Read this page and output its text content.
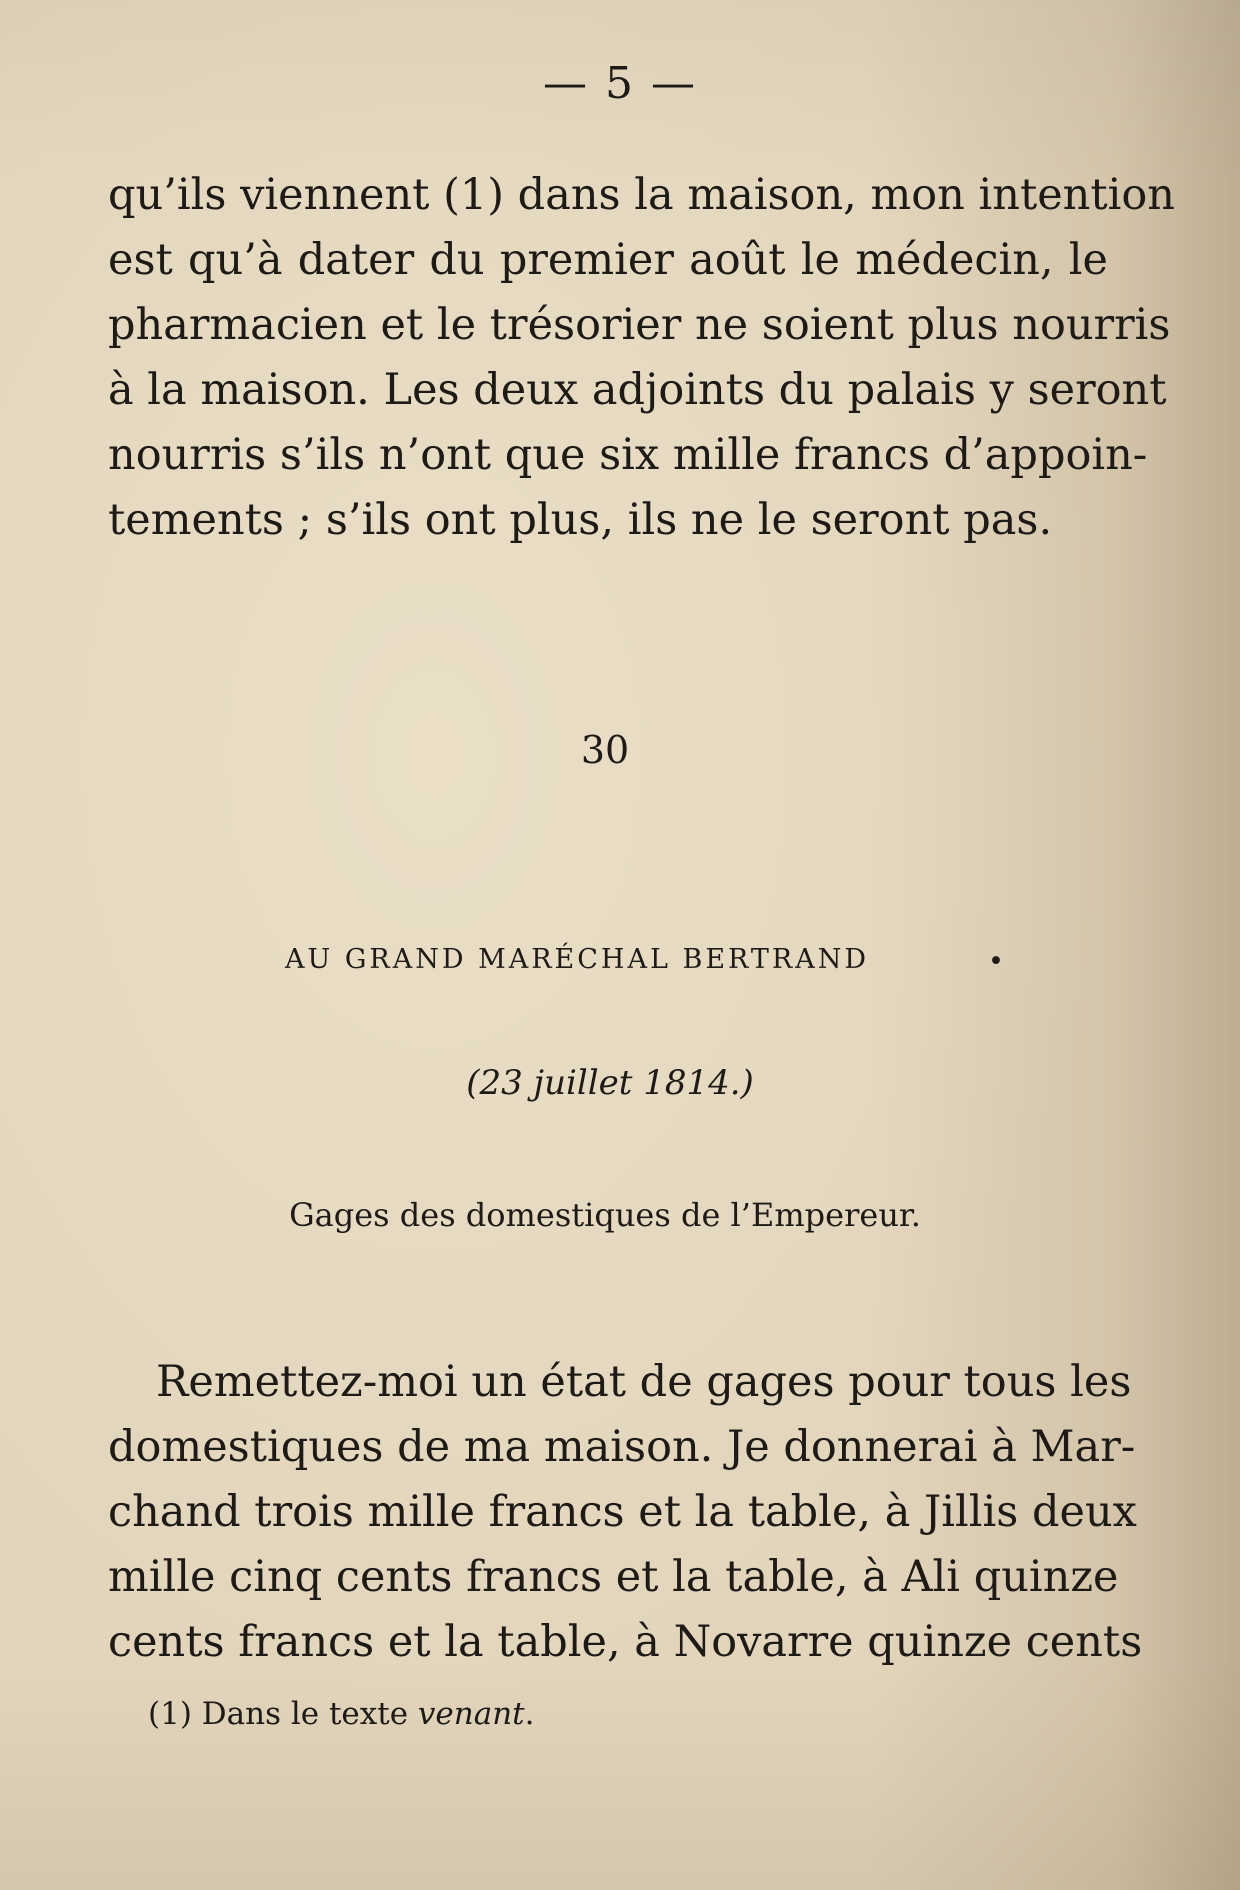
— 5 —
qu’ils viennent (1) dans la maison, mon intention
est qu’à dater du premier août le médecin, le
pharmacien et le trésorier ne soient plus nourris
à la maison. Les deux adjoints du palais y seront
nourris s’ils n’ont que six mille francs d’appoin-
tements ; s’ils ont plus, ils ne le seront pas.
30
AU GRAND MARÉCHAL BERTRAND	•
(23 juillet 1814.)
Gages des domestiques de l’Empereur.
Remettez-moi un état de gages pour tous les
domestiques de ma maison. Je donnerai à Mar-
chand trois mille francs et la table, à Jillis deux
mille cinq cents francs et la table, à Ali quinze
cents francs et la table, à Novarre quinze cents
(1) Dans le texte venant.
